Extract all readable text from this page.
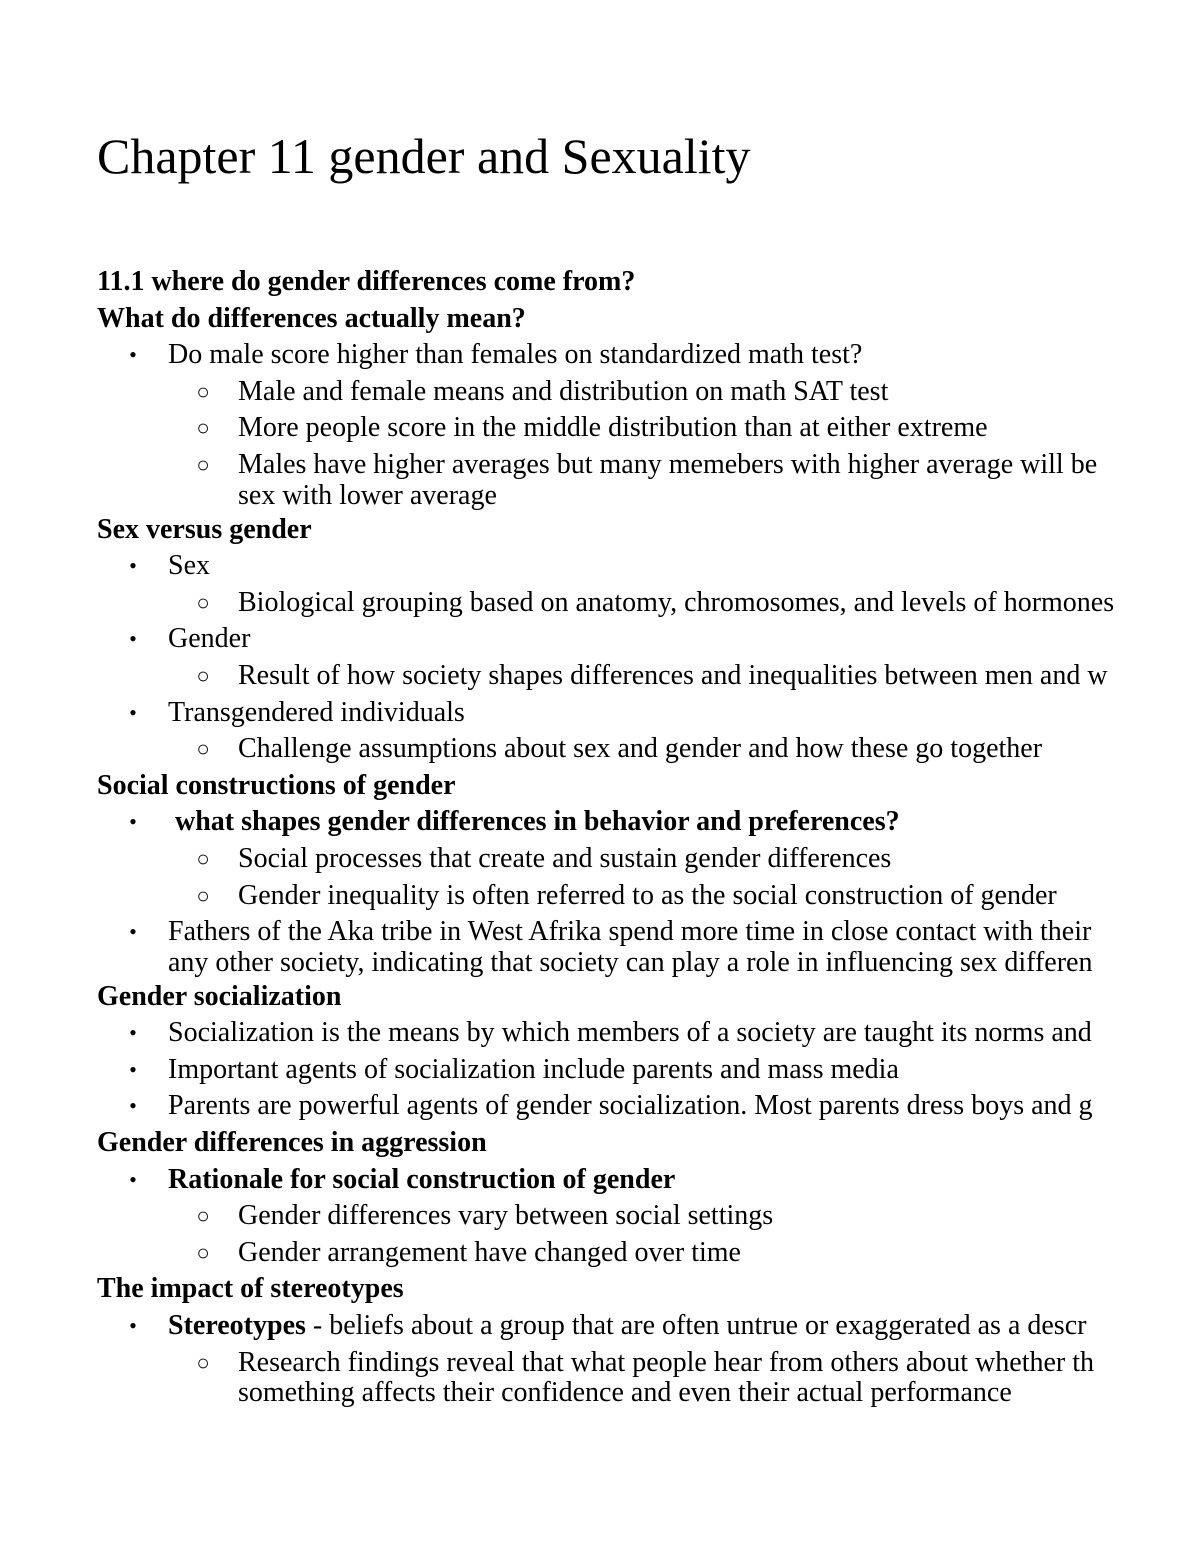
Chapter 11 gender and Sexuality
11.1 where do gender differences come from?
What do differences actually mean?
•	Do male score higher than females on standardized math test?
○ Male and female means and distribution on math SAT test
○ More people score in the middle distribution than at either extreme
○ Males have higher averages but many memebers with higher average will be
sex with lower average
Sex versus gender
•	Sex
○ Biological grouping based on anatomy, chromosomes, and levels of hormones
•	Gender
○ Result of how society shapes differences and inequalities between men and w
•	Transgendered individuals
○ Challenge assumptions about sex and gender and how these go together
Social constructions of gender
•	what shapes gender differences in behavior and preferences?
○ Social processes that create and sustain gender differences
○ Gender inequality is often referred to as the social construction of gender
•	Fathers of the Aka tribe in West Afrika spend more time in close contact with their
any other society, indicating that society can play a role in influencing sex differen
Gender socialization
•	Socialization is the means by which members of a society are taught its norms and
•	Important agents of socialization include parents and mass media
•	Parents are powerful agents of gender socialization. Most parents dress boys and g
Gender differences in aggression
•	Rationale for social construction of gender
○ Gender differences vary between social settings
○ Gender arrangement have changed over time
The impact of stereotypes
•	Stereotypes - beliefs about a group that are often untrue or exaggerated as a descr
○ Research findings reveal that what people hear from others about whether th
something affects their confidence and even their actual performance
